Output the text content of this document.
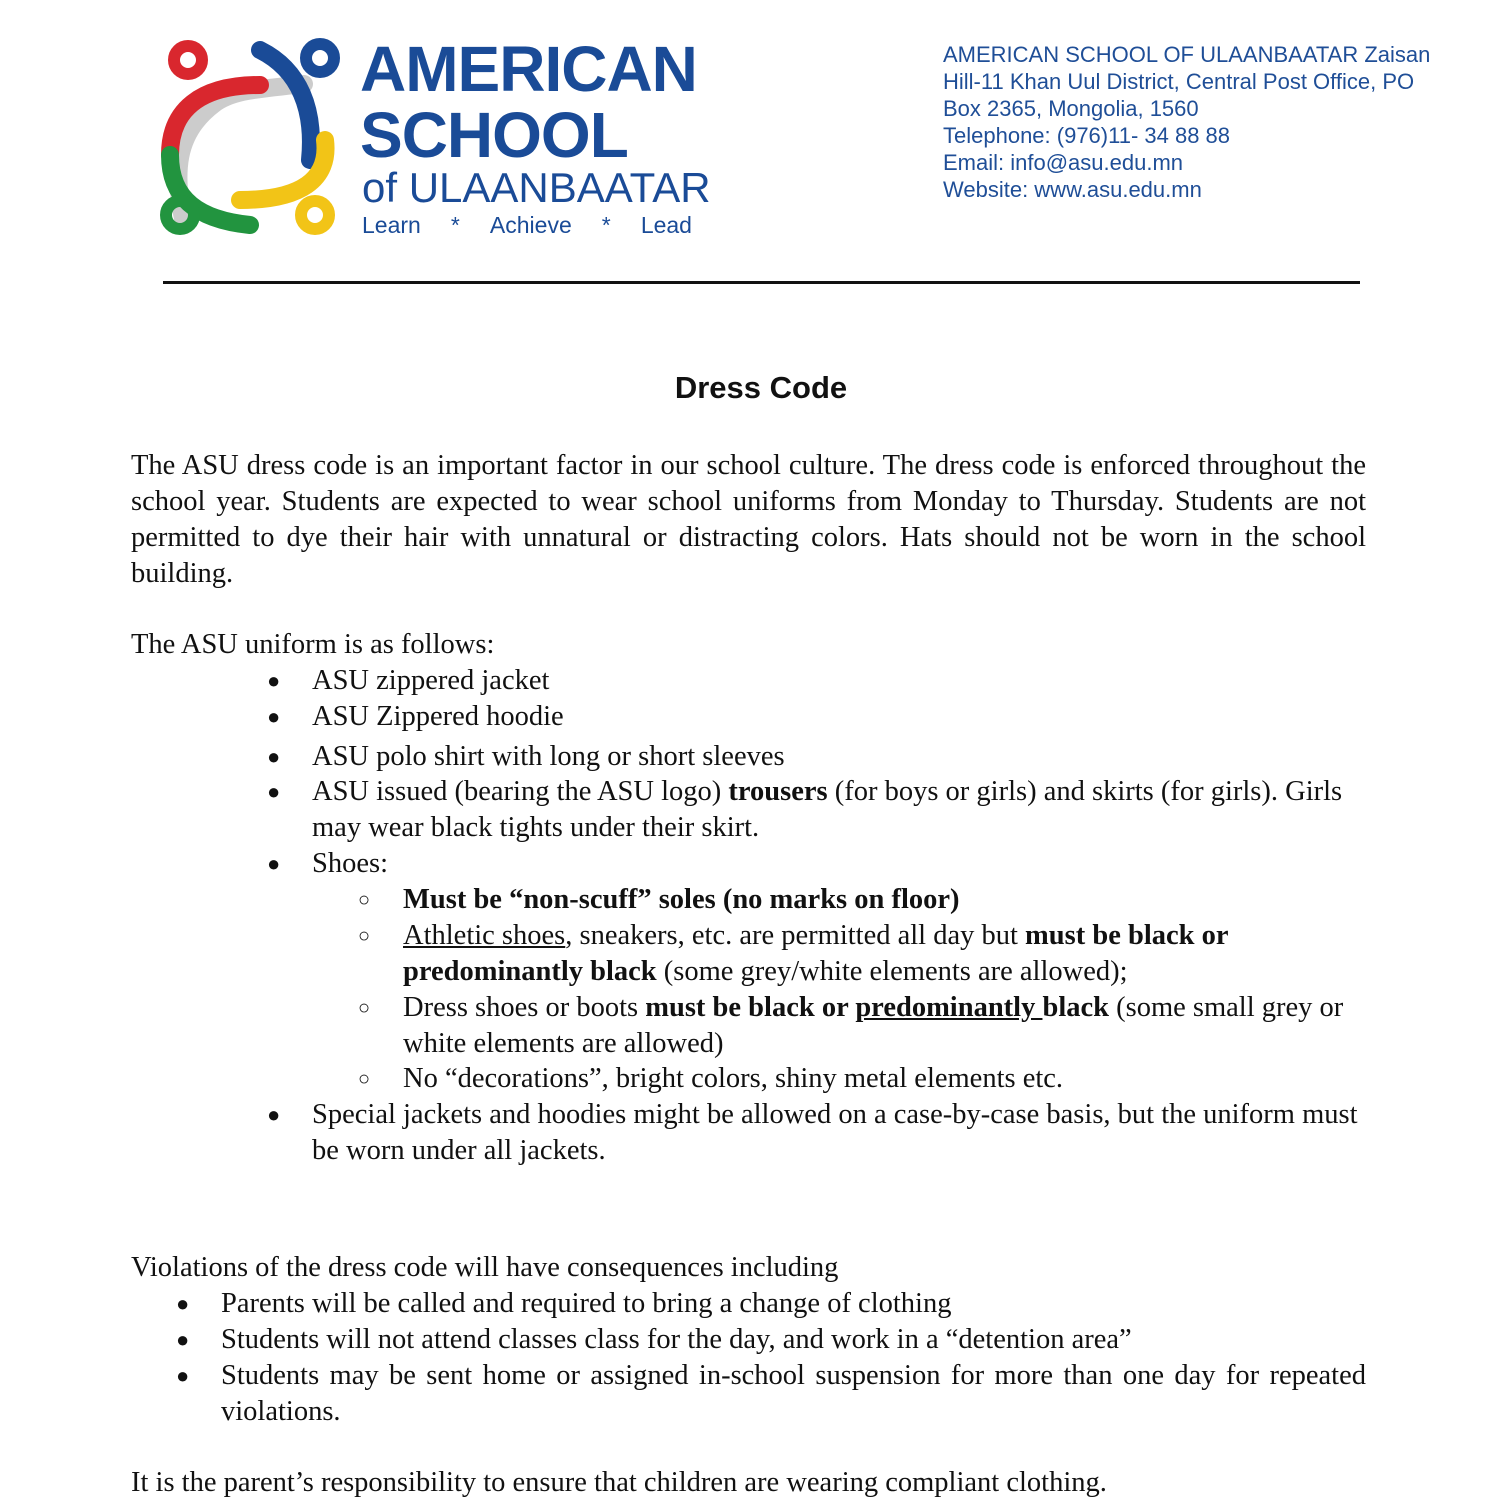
AMERICAN
SCHOOL
of ULAANBAATAR
Learn * Achieve * Lead
AMERICAN SCHOOL OF ULAANBAATAR Zaisan
Hill-11 Khan Uul District, Central Post Office, PO
Box 2365, Mongolia, 1560
Telephone: (976)11- 34 88 88
Email: info@asu.edu.mn
Website: www.asu.edu.mn
Dress Code
The ASU dress code is an important factor in our school culture. The dress code is enforced throughout the school year. Students are expected to wear school uniforms from Monday to Thursday. Students are not permitted to dye their hair with unnatural or distracting colors. Hats should not be worn in the school building.
The ASU uniform is as follows:
● ASU zippered jacket
● ASU Zippered hoodie
● ASU polo shirt with long or short sleeves
● ASU issued (bearing the ASU logo) trousers (for boys or girls) and skirts (for girls). Girls may wear black tights under their skirt.
● Shoes:
○ Must be “non-scuff” soles (no marks on floor)
○ Athletic shoes, sneakers, etc. are permitted all day but must be black or predominantly black (some grey/white elements are allowed);
○ Dress shoes or boots must be black or predominantly black (some small grey or white elements are allowed)
○ No “decorations”, bright colors, shiny metal elements etc.
● Special jackets and hoodies might be allowed on a case-by-case basis, but the uniform must be worn under all jackets.
Violations of the dress code will have consequences including
● Parents will be called and required to bring a change of clothing
● Students will not attend classes class for the day, and work in a “detention area”
● Students may be sent home or assigned in-school suspension for more than one day for repeated violations.
It is the parent’s responsibility to ensure that children are wearing compliant clothing.
